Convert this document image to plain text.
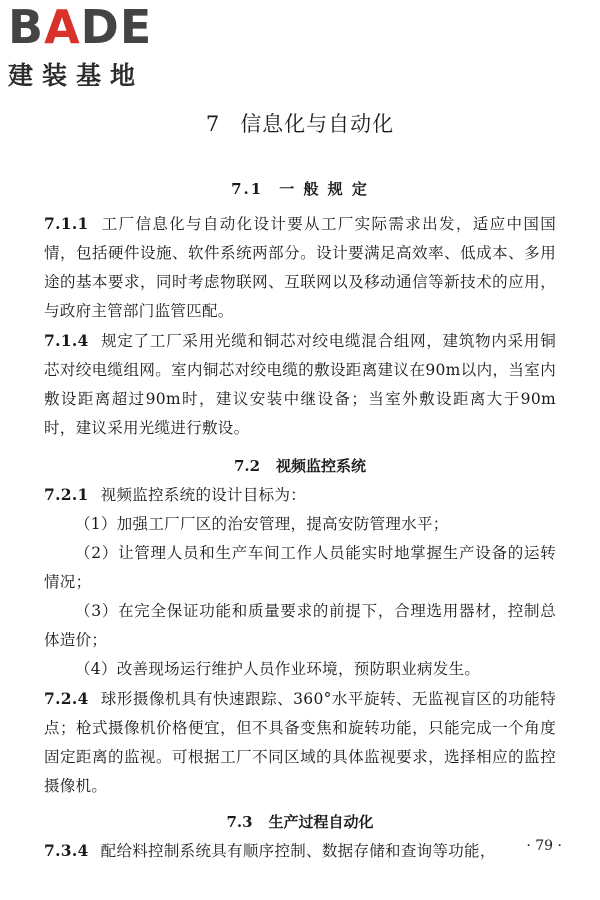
BADE
建装基地
7 信息化与自动化
7.1 一 般 规 定

7.1.1 工厂信息化与自动化设计要从工厂实际需求出发，适应中国国情，包括硬件设施、软件系统两部分。设计要满足高效率、低成本、多用途的基本要求，同时考虑物联网、互联网以及移动通信等新技术的应用，与政府主管部门监管匹配。

7.1.4 规定了工厂采用光缆和铜芯对绞电缆混合组网，建筑物内采用铜芯对绞电缆组网。室内铜芯对绞电缆的敷设距离建议在90m以内，当室内敷设距离超过90m时，建议安装中继设备；当室外敷设距离大于90m时，建议采用光缆进行敷设。

7.2 视频监控系统

7.2.1 视频监控系统的设计目标为：

（1）加强工厂厂区的治安管理，提高安防管理水平；

（2）让管理人员和生产车间工作人员能实时地掌握生产设备的运转情况；

（3）在完全保证功能和质量要求的前提下，合理选用器材，控制总体造价；

（4）改善现场运行维护人员作业环境，预防职业病发生。

7.2.4 球形摄像机具有快速跟踪、360°水平旋转、无监视盲区的功能特点；枪式摄像机价格便宜，但不具备变焦和旋转功能，只能完成一个角度固定距离的监视。可根据工厂不同区域的具体监视要求，选择相应的监控摄像机。

7.3 生产过程自动化

7.3.4 配给料控制系统具有顺序控制、数据存储和查询等功能，	· 79 ·
